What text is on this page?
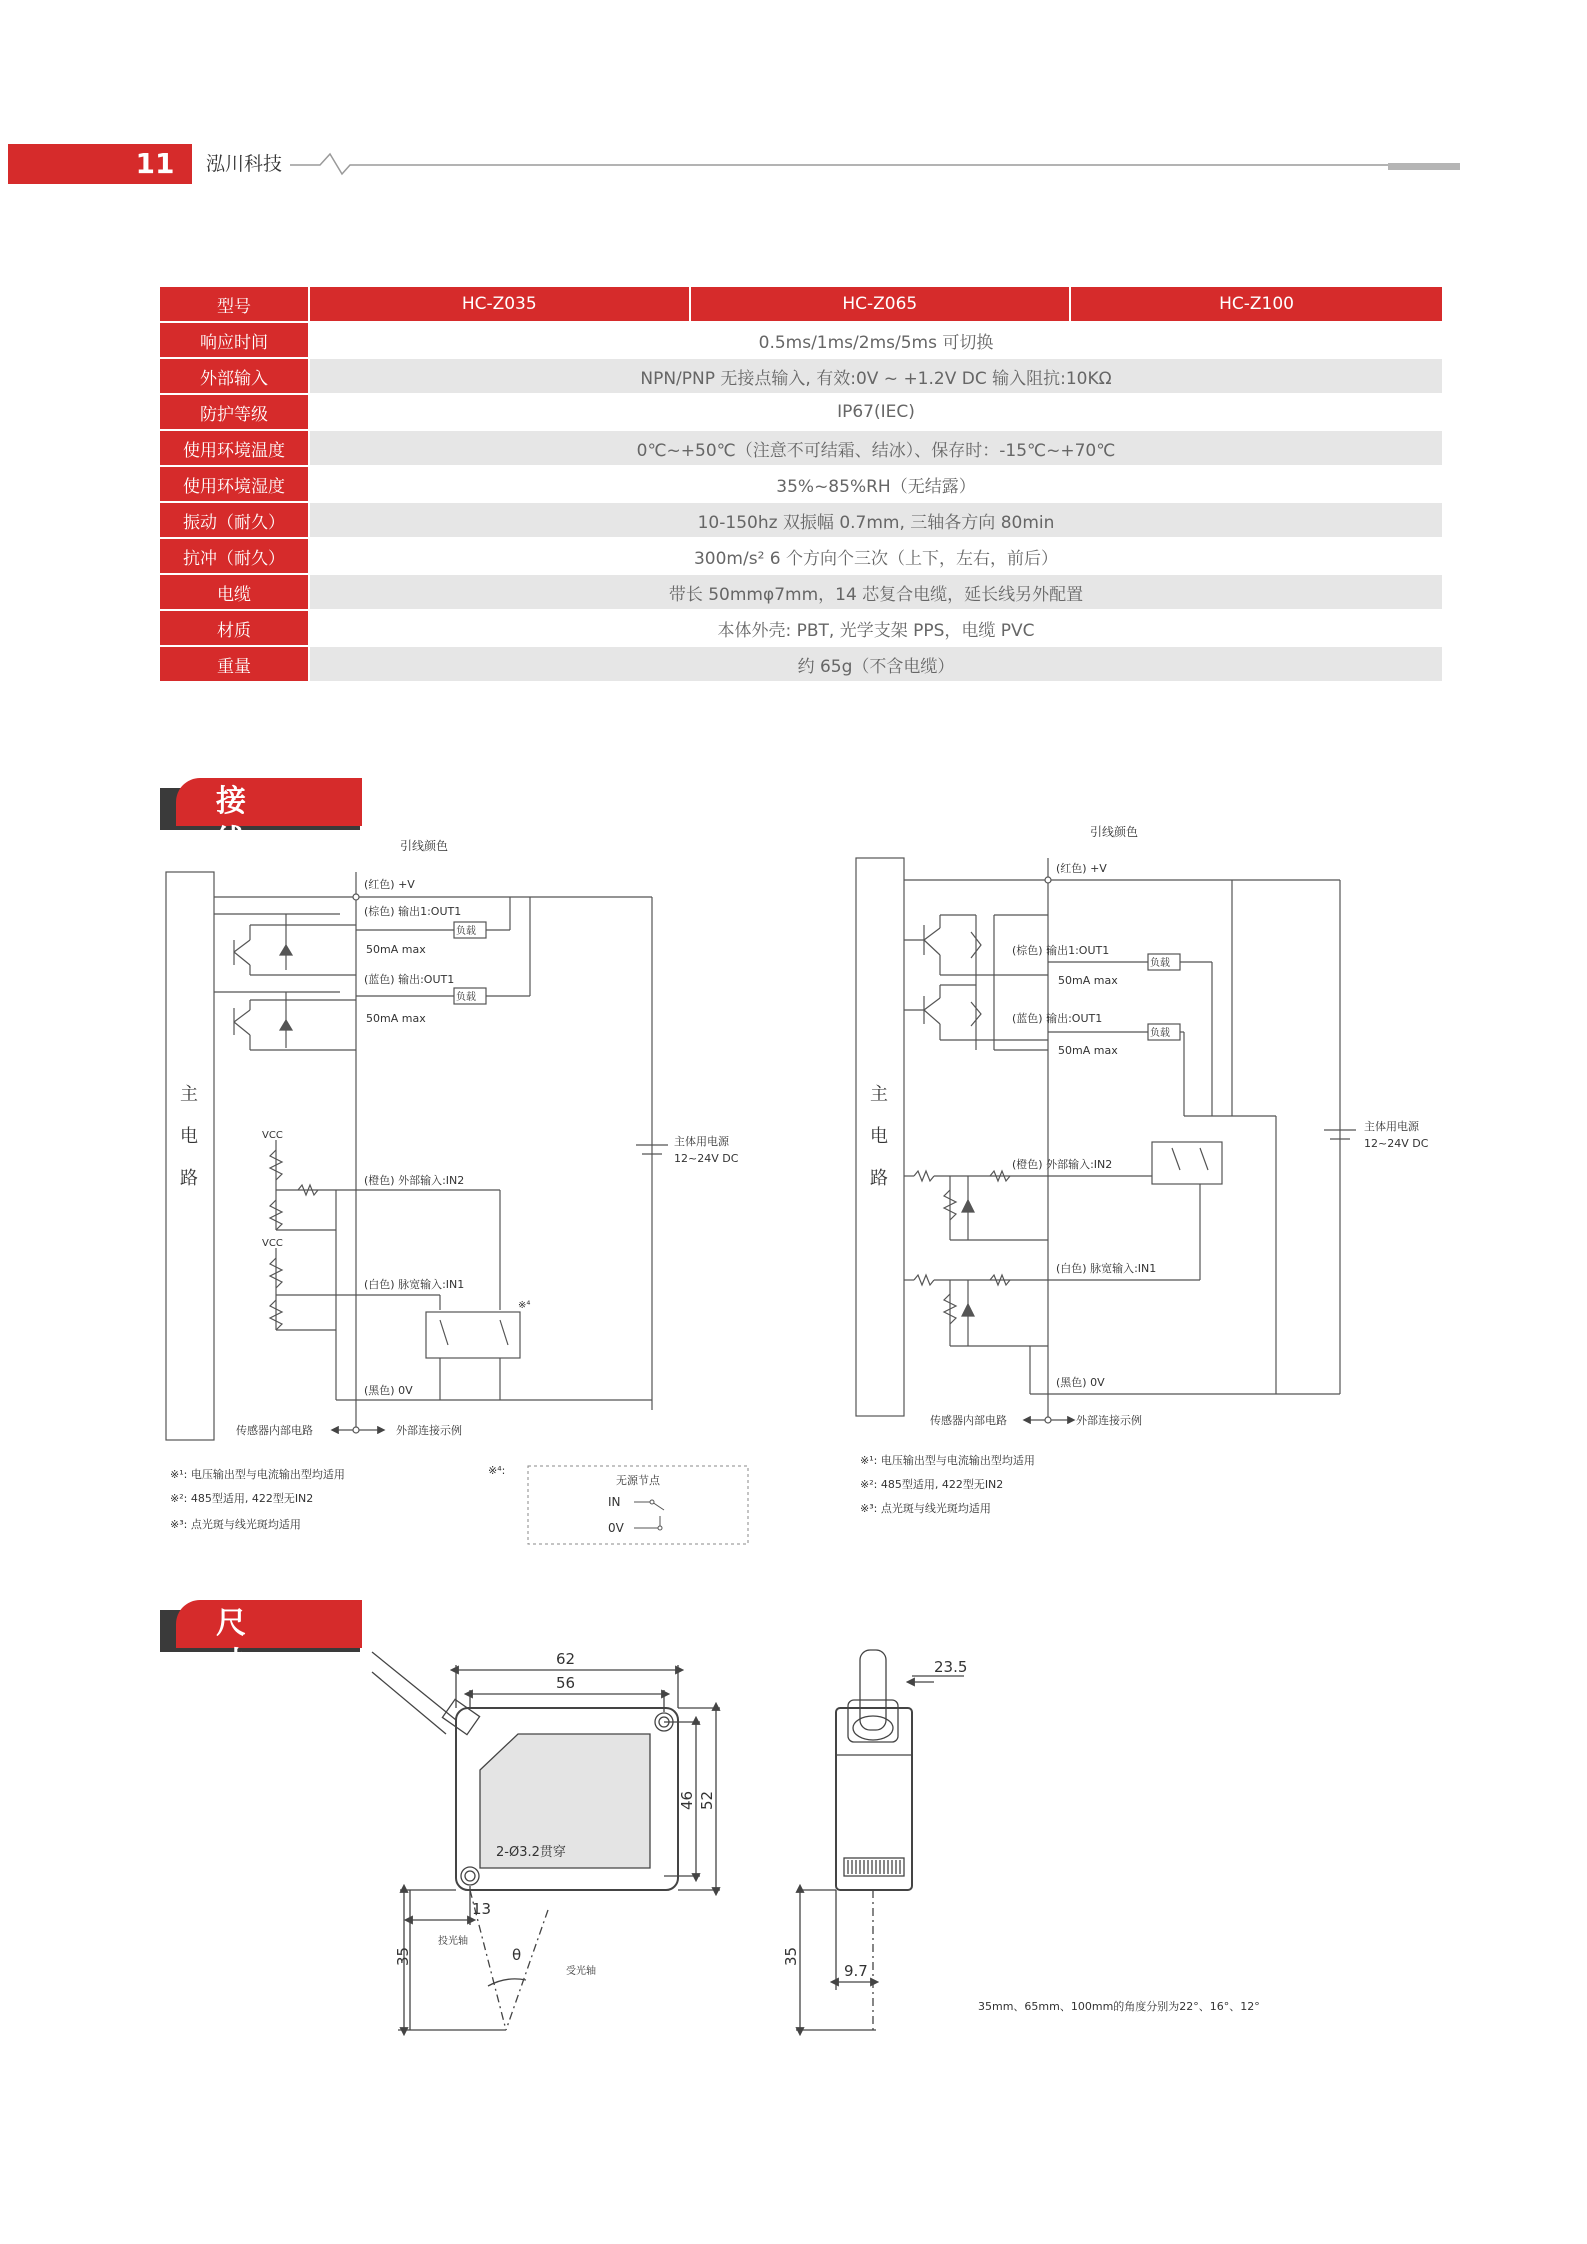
11 泓川科技
型号	HC-Z035	HC-Z065	HC-Z100
响应时间	0.5ms/1ms/2ms/5ms 可切换		
外部输入	NPN/PNP 无接点输入, 有效:0V ~ +1.2V DC 输入阻抗:10KΩ		
防护等级	IP67(IEC)		
使用环境温度	0℃~+50℃（注意不可结霜、结冰）、保存时：-15℃~+70℃		
使用环境湿度	35%~85%RH（无结露）		
振动（耐久）	10-150hz 双振幅 0.7mm, 三轴各方向 80min		
抗冲（耐久）	300m/s² 6 个方向个三次（上下，左右，前后）		
电缆	带长 50mmφ7mm，14 芯复合电缆，延长线另外配置		
材质	本体外壳: PBT, 光学支架 PPS，电缆 PVC		
重量	约 65g（不含电缆）		
接线图
尺寸图
引线颜色
主
电
路
(红色) +V
(棕色) 输出1:OUT1
负载
50mA max
(蓝色) 输出:OUT1
负载
50mA max
VCC
VCC
(橙色) 外部输入:IN2
(白色) 脉宽输入:IN1
(黑色) 0V
主体用电源
12~24V DC
※⁴
传感器内部电路	外部连接示例
※¹: 电压输出型与电流输出型均适用
※²: 485型适用, 422型无IN2
※³: 点光斑与线光斑均适用
※⁴:
无源节点
IN
0V
引线颜色
主
电
路
(红色) +V
(棕色) 输出1:OUT1
负载
50mA max
(蓝色) 输出:OUT1
负载
50mA max
(橙色) 外部输入:IN2
(白色) 脉宽输入:IN1
(黑色) 0V
主体用电源
12~24V DC
传感器内部电路	外部连接示例
※¹: 电压输出型与电流输出型均适用
※²: 485型适用, 422型无IN2
※³: 点光斑与线光斑均适用
62
56
46 52
2-Ø3.2贯穿
13
35	θ
投光轴
受光轴
23.5
35
9.7
35mm、65mm、100mm的角度分别为22°、16°、12°
